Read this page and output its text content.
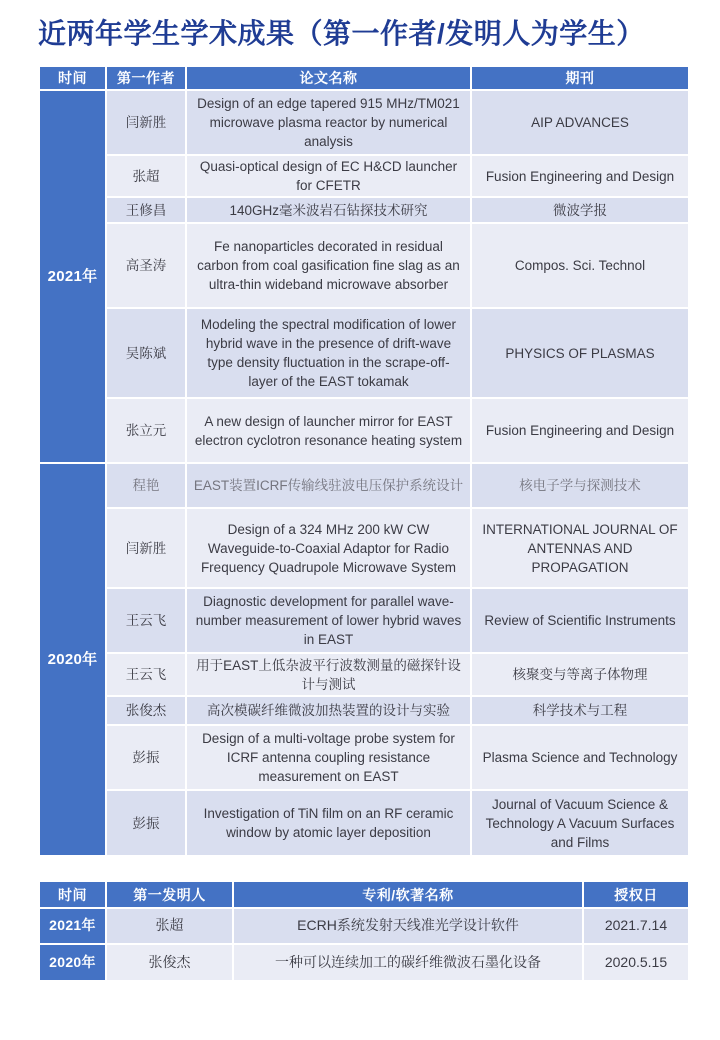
近两年学生学术成果（第一作者/发明人为学生）
时间	第一作者	论文名称	期刊
2021年	闫新胜	Design of an edge tapered 915 MHz/TM021 microwave plasma reactor by numerical analysis	AIP ADVANCES
	张超	Quasi-optical design of EC H&CD launcher for CFETR	Fusion Engineering and Design
	王修昌	140GHz毫米波岩石钻探技术研究	微波学报
	高圣涛	Fe nanoparticles decorated in residual carbon from coal gasification fine slag as an ultra-thin wideband microwave absorber	Compos. Sci. Technol
	吴陈斌	Modeling the spectral modification of lower hybrid wave in the presence of drift-wave type density fluctuation in the scrape-off-layer of the EAST tokamak	PHYSICS OF PLASMAS
	张立元	A new design of launcher mirror for EAST electron cyclotron resonance heating system	Fusion Engineering and Design
2020年	程艳	EAST装置ICRF传输线驻波电压保护系统设计	核电子学与探测技术
	闫新胜	Design of a 324 MHz 200 kW CW Waveguide-to-Coaxial Adaptor for Radio Frequency Quadrupole Microwave System	INTERNATIONAL JOURNAL OF ANTENNAS AND PROPAGATION
	王云飞	Diagnostic development for parallel wave-number measurement of lower hybrid waves in EAST	Review of Scientific Instruments
	王云飞	用于EAST上低杂波平行波数测量的磁探针设计与测试	核聚变与等离子体物理
	张俊杰	高次模碳纤维微波加热装置的设计与实验	科学技术与工程
	彭振	Design of a multi-voltage probe system for ICRF antenna coupling resistance measurement on EAST	Plasma Science and Technology
	彭振	Investigation of TiN film on an RF ceramic window by atomic layer deposition	Journal of Vacuum Science & Technology A Vacuum Surfaces and Films
时间	第一发明人	专利/软著名称	授权日
2021年	张超	ECRH系统发射天线准光学设计软件	2021.7.14
2020年	张俊杰	一种可以连续加工的碳纤维微波石墨化设备	2020.5.15
